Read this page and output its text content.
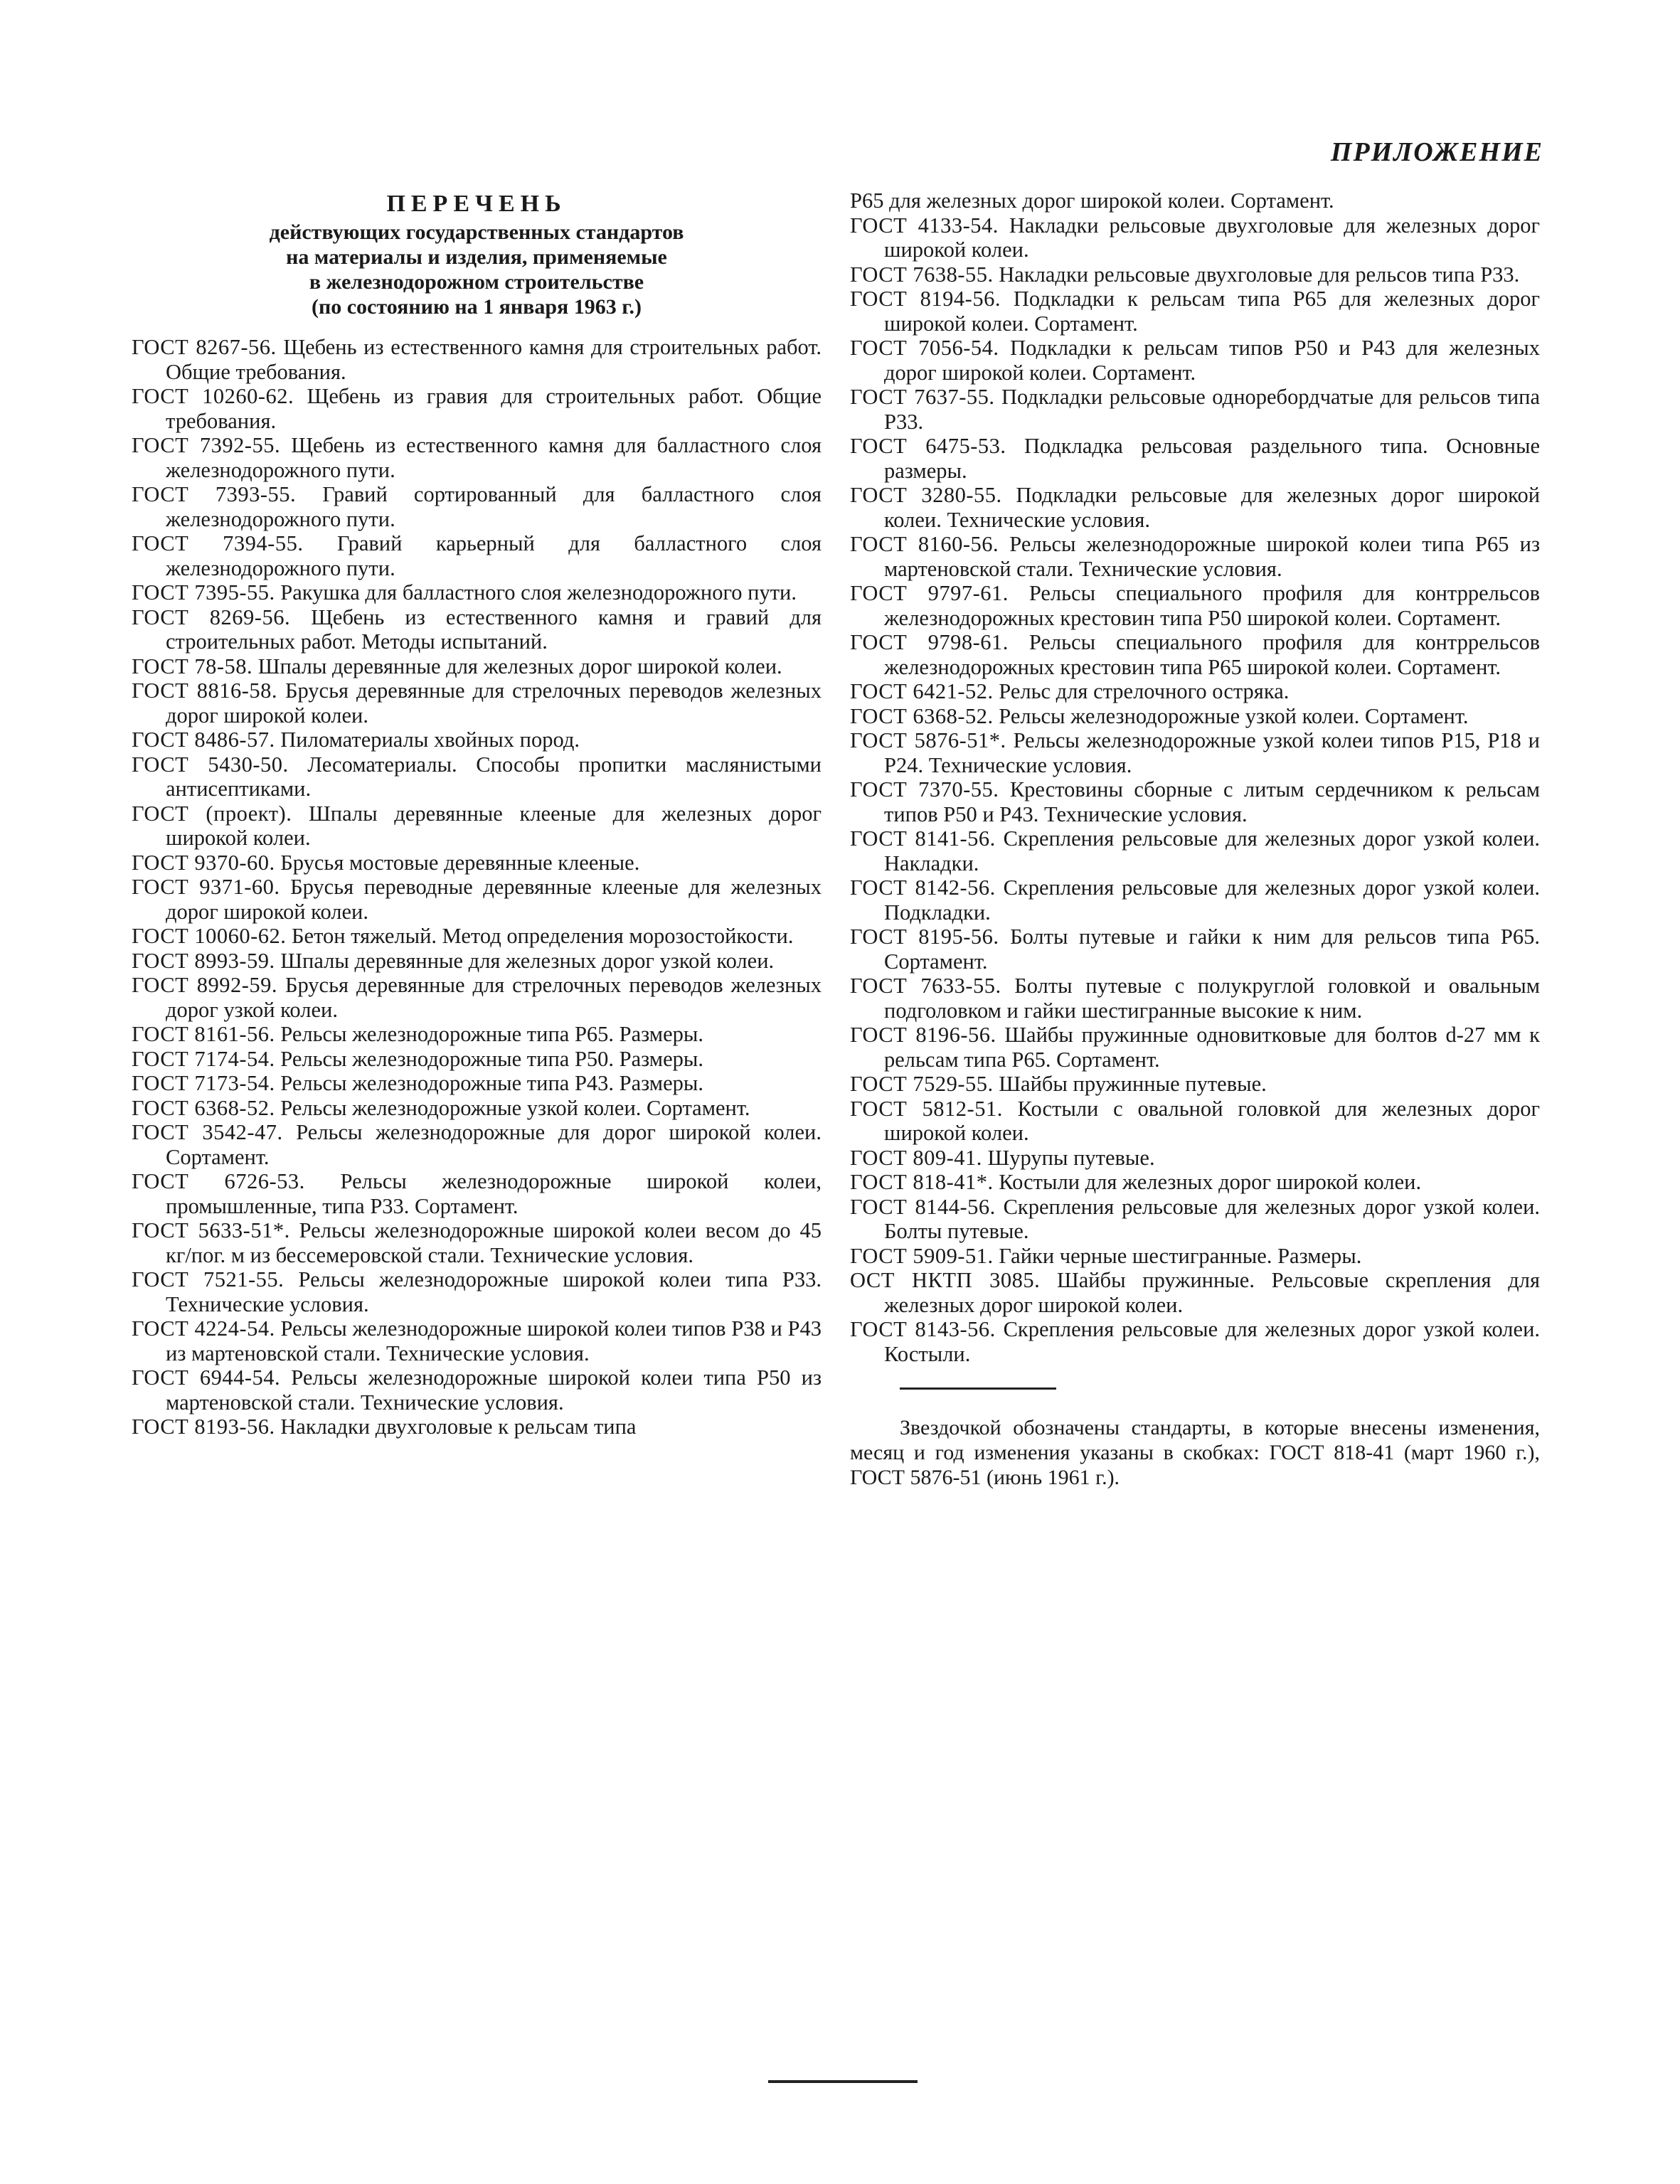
ПРИЛОЖЕНИЕ
ПЕРЕЧЕНЬ
действующих государственных стандартов
на материалы и изделия, применяемые
в железнодорожном строительстве
(по состоянию на 1 января 1963 г.)

ГОСТ 8267-56. Щебень из естественного камня для строительных работ. Общие требования.

ГОСТ 10260-62. Щебень из гравия для строительных работ. Общие требования.

ГОСТ 7392-55. Щебень из естественного камня для балластного слоя железнодорожного пути.

ГОСТ 7393-55. Гравий сортированный для балластного слоя железнодорожного пути.

ГОСТ 7394-55. Гравий карьерный для балластного слоя железнодорожного пути.

ГОСТ 7395-55. Ракушка для балластного слоя железнодорожного пути.

ГОСТ 8269-56. Щебень из естественного камня и гравий для строительных работ. Методы испытаний.

ГОСТ 78-58. Шпалы деревянные для железных дорог широкой колеи.

ГОСТ 8816-58. Брусья деревянные для стрелочных переводов железных дорог широкой колеи.

ГОСТ 8486-57. Пиломатериалы хвойных пород.

ГОСТ 5430-50. Лесоматериалы. Способы пропитки маслянистыми антисептиками.

ГОСТ (проект). Шпалы деревянные клееные для железных дорог широкой колеи.

ГОСТ 9370-60. Брусья мостовые деревянные клееные.

ГОСТ 9371-60. Брусья переводные деревянные клееные для железных дорог широкой колеи.

ГОСТ 10060-62. Бетон тяжелый. Метод определения морозостойкости.

ГОСТ 8993-59. Шпалы деревянные для железных дорог узкой колеи.

ГОСТ 8992-59. Брусья деревянные для стрелочных переводов железных дорог узкой колеи.

ГОСТ 8161-56. Рельсы железнодорожные типа Р65. Размеры.

ГОСТ 7174-54. Рельсы железнодорожные типа Р50. Размеры.

ГОСТ 7173-54. Рельсы железнодорожные типа Р43. Размеры.

ГОСТ 6368-52. Рельсы железнодорожные узкой колеи. Сортамент.

ГОСТ 3542-47. Рельсы железнодорожные для дорог широкой колеи. Сортамент.

ГОСТ 6726-53. Рельсы железнодорожные широкой колеи, промышленные, типа Р33. Сортамент.

ГОСТ 5633-51*. Рельсы железнодорожные широкой колеи весом до 45 кг/пог. м из бессемеровской стали. Технические условия.

ГОСТ 7521-55. Рельсы железнодорожные широкой колеи типа Р33. Технические условия.

ГОСТ 4224-54. Рельсы железнодорожные широкой колеи типов Р38 и Р43 из мартеновской стали. Технические условия.

ГОСТ 6944-54. Рельсы железнодорожные широкой колеи типа Р50 из мартеновской стали. Технические условия.

ГОСТ 8193-56. Накладки двухголовые к рельсам типа

Р65 для железных дорог широкой колеи. Сортамент.

ГОСТ 4133-54. Накладки рельсовые двухголовые для железных дорог широкой колеи.

ГОСТ 7638-55. Накладки рельсовые двухголовые для рельсов типа Р33.

ГОСТ 8194-56. Подкладки к рельсам типа Р65 для железных дорог широкой колеи. Сортамент.

ГОСТ 7056-54. Подкладки к рельсам типов Р50 и Р43 для железных дорог широкой колеи. Сортамент.

ГОСТ 7637-55. Подкладки рельсовые одноребордчатые для рельсов типа Р33.

ГОСТ 6475-53. Подкладка рельсовая раздельного типа. Основные размеры.

ГОСТ 3280-55. Подкладки рельсовые для железных дорог широкой колеи. Технические условия.

ГОСТ 8160-56. Рельсы железнодорожные широкой колеи типа Р65 из мартеновской стали. Технические условия.

ГОСТ 9797-61. Рельсы специального профиля для контррельсов железнодорожных крестовин типа Р50 широкой колеи. Сортамент.

ГОСТ 9798-61. Рельсы специального профиля для контррельсов железнодорожных крестовин типа Р65 широкой колеи. Сортамент.

ГОСТ 6421-52. Рельс для стрелочного остряка.

ГОСТ 6368-52. Рельсы железнодорожные узкой колеи. Сортамент.

ГОСТ 5876-51*. Рельсы железнодорожные узкой колеи типов Р15, Р18 и Р24. Технические условия.

ГОСТ 7370-55. Крестовины сборные с литым сердечником к рельсам типов Р50 и Р43. Технические условия.

ГОСТ 8141-56. Скрепления рельсовые для железных дорог узкой колеи. Накладки.

ГОСТ 8142-56. Скрепления рельсовые для железных дорог узкой колеи. Подкладки.

ГОСТ 8195-56. Болты путевые и гайки к ним для рельсов типа Р65. Сортамент.

ГОСТ 7633-55. Болты путевые с полукруглой головкой и овальным подголовком и гайки шестигранные высокие к ним.

ГОСТ 8196-56. Шайбы пружинные одновитковые для болтов d-27 мм к рельсам типа Р65. Сортамент.

ГОСТ 7529-55. Шайбы пружинные путевые.

ГОСТ 5812-51. Костыли с овальной головкой для железных дорог широкой колеи.

ГОСТ 809-41. Шурупы путевые.

ГОСТ 818-41*. Костыли для железных дорог широкой колеи.

ГОСТ 8144-56. Скрепления рельсовые для железных дорог узкой колеи. Болты путевые.

ГОСТ 5909-51. Гайки черные шестигранные. Размеры.

ОСТ НКТП 3085. Шайбы пружинные. Рельсовые скрепления для железных дорог широкой колеи.

ГОСТ 8143-56. Скрепления рельсовые для железных дорог узкой колеи. Костыли.

Звездочкой обозначены стандарты, в которые внесены изменения, месяц и год изменения указаны в скобках: ГОСТ 818-41 (март 1960 г.), ГОСТ 5876-51 (июнь 1961 г.).
